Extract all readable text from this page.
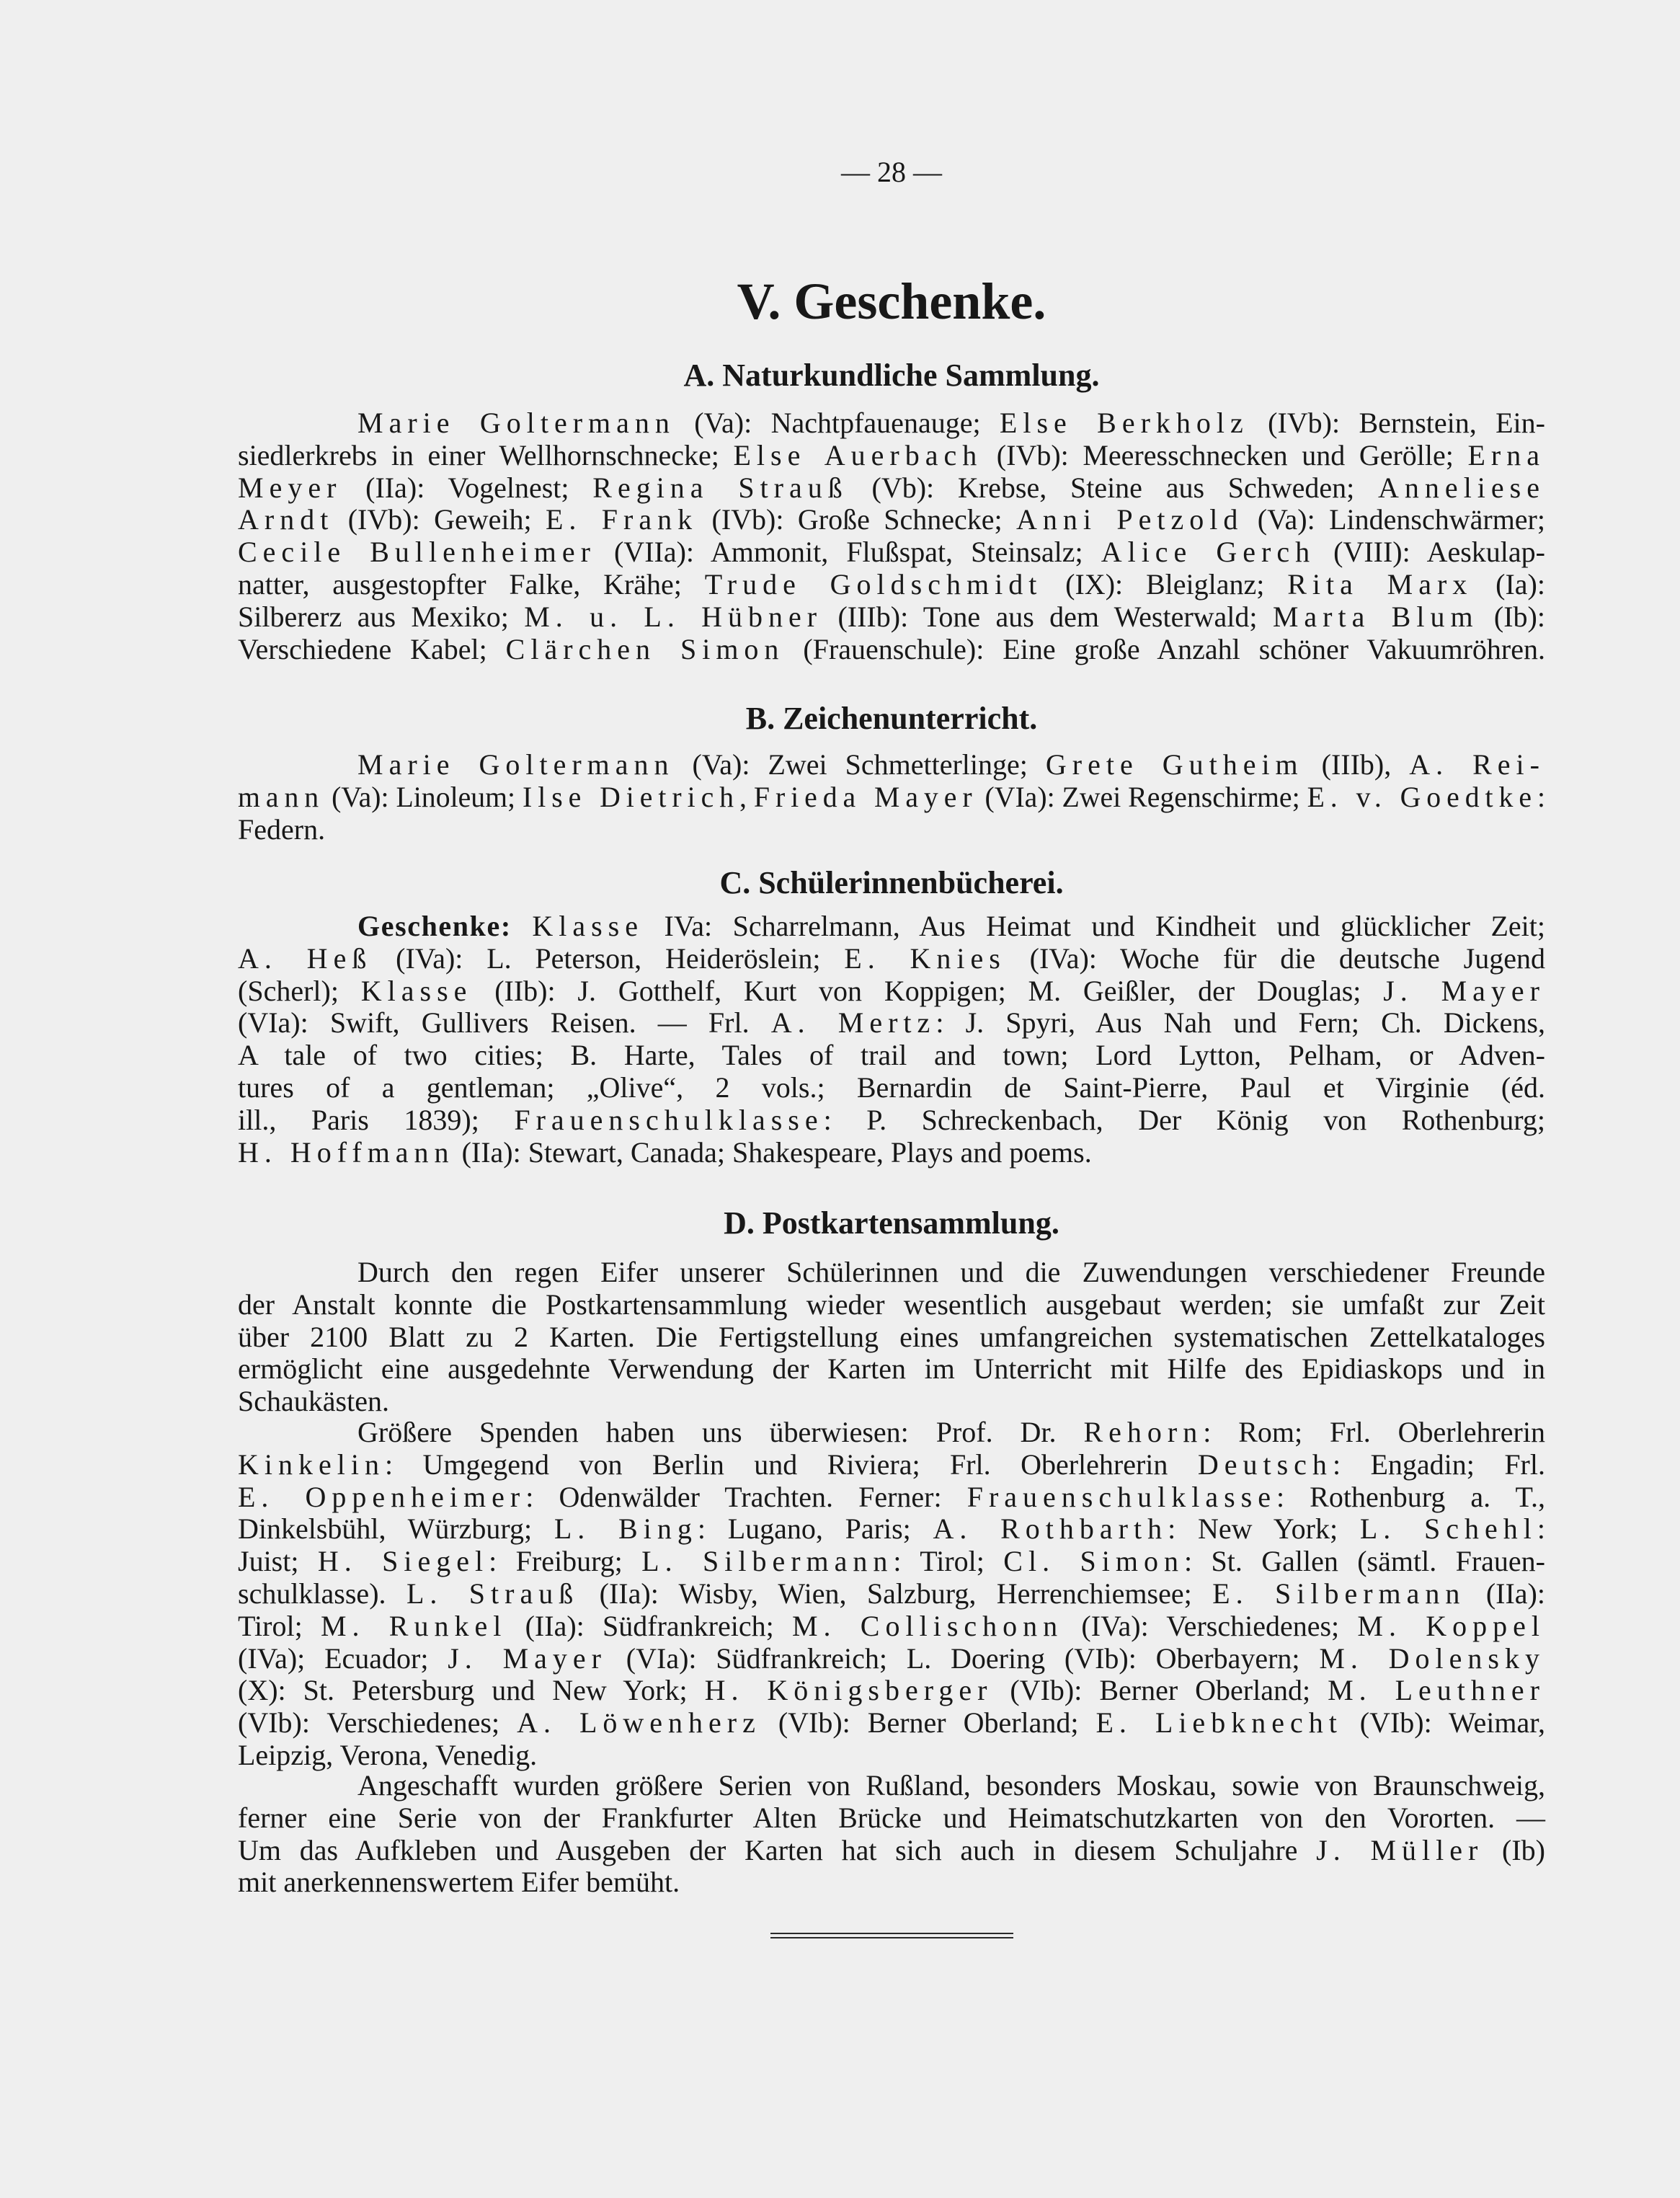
— 28 —
V. Geschenke.
A. Naturkundliche Sammlung.
Marie Goltermann (Va): Nachtpfauenauge; Else Berkholz (IVb): Bernstein, Ein-
siedlerkrebs in einer Wellhornschnecke; Else Auerbach (IVb): Meeresschnecken und Gerölle; Erna
Meyer (IIa): Vogelnest; Regina Strauß (Vb): Krebse, Steine aus Schweden; Anneliese
Arndt (IVb): Geweih; E. Frank (IVb): Große Schnecke; Anni Petzold (Va): Lindenschwärmer;
Cecile Bullenheimer (VIIa): Ammonit, Flußspat, Steinsalz; Alice Gerch (VIII): Aeskulap-
natter, ausgestopfter Falke, Krähe; Trude Goldschmidt (IX): Bleiglanz; Rita Marx (Ia):
Silbererz aus Mexiko; M. u. L. Hübner (IIIb): Tone aus dem Westerwald; Marta Blum (Ib):
Verschiedene Kabel; Clärchen Simon (Frauenschule): Eine große Anzahl schöner Vakuumröhren.
B. Zeichenunterricht.
Marie Goltermann (Va): Zwei Schmetterlinge; Grete Gutheim (IIIb), A. Rei-
mann (Va): Linoleum; Ilse Dietrich, Frieda Mayer (VIa): Zwei Regenschirme; E. v. Goedtke:
Federn.
C. Schülerinnenbücherei.
Geschenke: Klasse IVa: Scharrelmann, Aus Heimat und Kindheit und glücklicher Zeit;
A. Heß (IVa): L. Peterson, Heideröslein; E. Knies (IVa): Woche für die deutsche Jugend
(Scherl); Klasse (IIb): J. Gotthelf, Kurt von Koppigen; M. Geißler, der Douglas; J. Mayer
(VIa): Swift, Gullivers Reisen. — Frl. A. Mertz: J. Spyri, Aus Nah und Fern; Ch. Dickens,
A tale of two cities; B. Harte, Tales of trail and town; Lord Lytton, Pelham, or Adven-
tures of a gentleman; „Olive“, 2 vols.; Bernardin de Saint-Pierre, Paul et Virginie (éd.
ill., Paris 1839); Frauenschulklasse: P. Schreckenbach, Der König von Rothenburg;
H. Hoffmann (IIa): Stewart, Canada; Shakespeare, Plays and poems.
D. Postkartensammlung.
Durch den regen Eifer unserer Schülerinnen und die Zuwendungen verschiedener Freunde
der Anstalt konnte die Postkartensammlung wieder wesentlich ausgebaut werden; sie umfaßt zur Zeit
über 2100 Blatt zu 2 Karten. Die Fertigstellung eines umfangreichen systematischen Zettelkataloges
ermöglicht eine ausgedehnte Verwendung der Karten im Unterricht mit Hilfe des Epidiaskops und in
Schaukästen.
Größere Spenden haben uns überwiesen: Prof. Dr. Rehorn: Rom; Frl. Oberlehrerin
Kinkelin: Umgegend von Berlin und Riviera; Frl. Oberlehrerin Deutsch: Engadin; Frl.
E. Oppenheimer: Odenwälder Trachten. Ferner: Frauenschulklasse: Rothenburg a. T.,
Dinkelsbühl, Würzburg; L. Bing: Lugano, Paris; A. Rothbarth: New York; L. Schehl:
Juist; H. Siegel: Freiburg; L. Silbermann: Tirol; Cl. Simon: St. Gallen (sämtl. Frauen-
schulklasse). L. Strauß (IIa): Wisby, Wien, Salzburg, Herrenchiemsee; E. Silbermann (IIa):
Tirol; M. Runkel (IIa): Südfrankreich; M. Collischonn (IVa): Verschiedenes; M. Koppel
(IVa); Ecuador; J. Mayer (VIa): Südfrankreich; L. Doering (VIb): Oberbayern; M. Dolensky
(X): St. Petersburg und New York; H. Königsberger (VIb): Berner Oberland; M. Leuthner
(VIb): Verschiedenes; A. Löwenherz (VIb): Berner Oberland; E. Liebknecht (VIb): Weimar,
Leipzig, Verona, Venedig.
Angeschafft wurden größere Serien von Rußland, besonders Moskau, sowie von Braunschweig,
ferner eine Serie von der Frankfurter Alten Brücke und Heimatschutzkarten von den Vororten. —
Um das Aufkleben und Ausgeben der Karten hat sich auch in diesem Schuljahre J. Müller (Ib)
mit anerkennenswertem Eifer bemüht.
